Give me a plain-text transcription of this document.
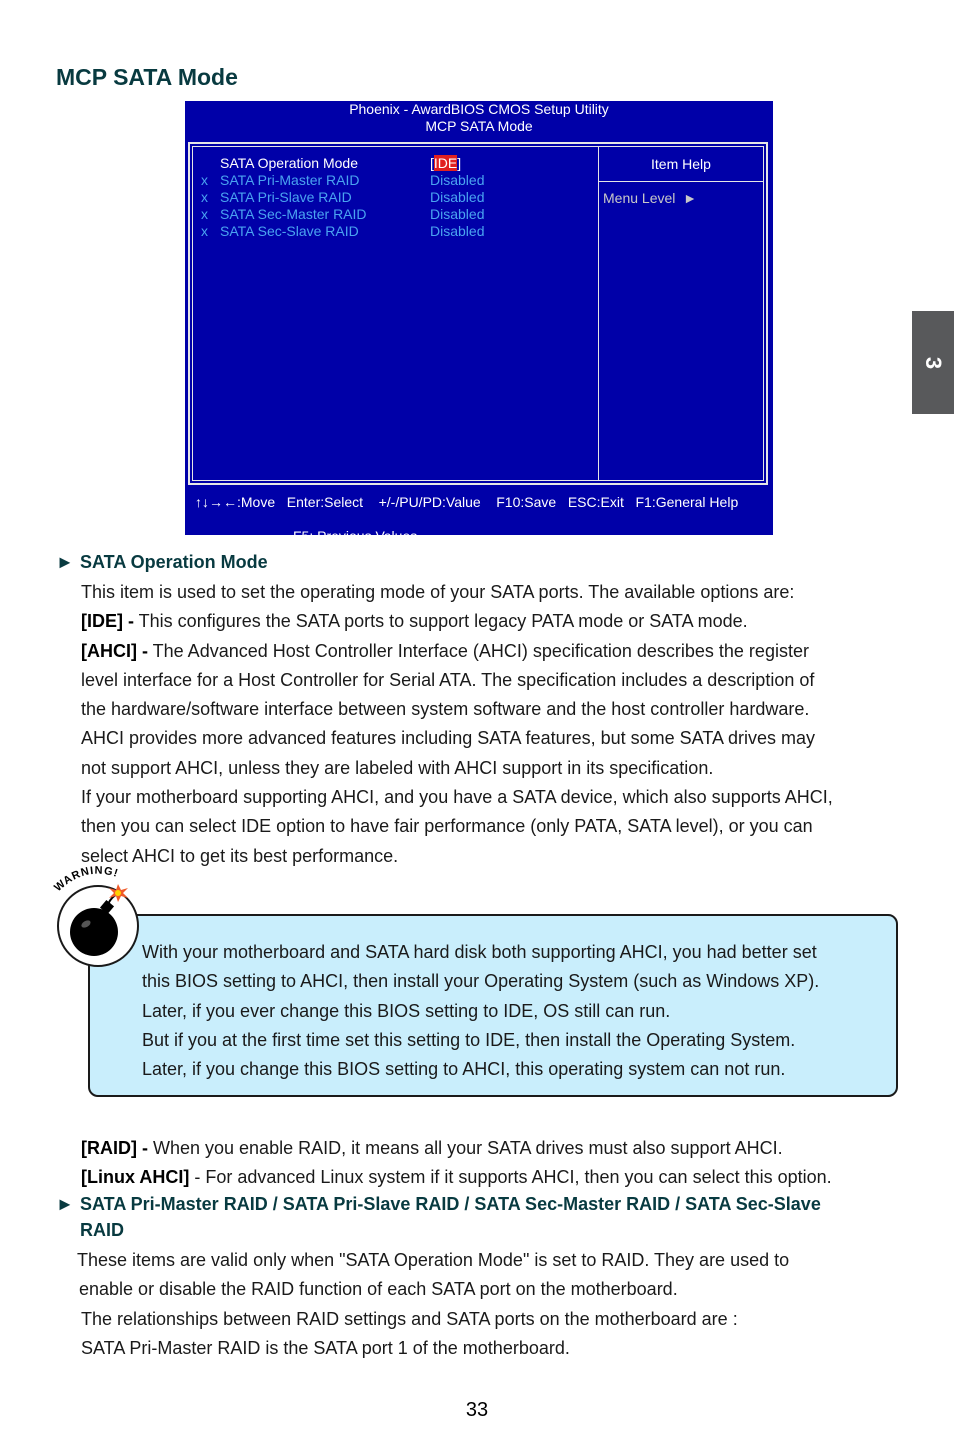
MCP SATA Mode
3
Phoenix - AwardBIOS CMOS Setup Utility
MCP SATA Mode
SATA Operation Mode	[IDE]
x SATA Pri-Master RAID	Disabled
x SATA Pri-Slave RAID	Disabled
x SATA Sec-Master RAID	Disabled
x SATA Sec-Slave RAID	Disabled
Item Help
Menu Level ►
↑↓→←:Move   Enter:Select    +/-/PU/PD:Value    F10:Save   ESC:Exit   F1:General Help

F5: Previous Values

F7: Optimized Defaults

► SATA Operation Mode
This item is used to set the operating mode of your SATA ports. The available options are:
[IDE] - This configures the SATA ports to support legacy PATA mode or SATA mode.
[AHCI] - The Advanced Host Controller Interface (AHCI) specification describes the register
level interface for a Host Controller for Serial ATA. The specification includes a description of
the hardware/software interface between system software and the host controller hardware.
AHCI provides more advanced features including SATA features, but some SATA drives may
not support AHCI, unless they are labeled with AHCI support in its specification.
If your motherboard supporting AHCI, and you have a SATA device, which also supports AHCI,
then you can select IDE option to have fair performance (only PATA, SATA level), or you can
select AHCI to get its best performance.
With your motherboard and SATA hard disk both supporting AHCI, you had better set
this BIOS setting to AHCI, then install your Operating System (such as Windows XP).
Later, if you ever change this BIOS setting to IDE, OS still can run.
But if you at the first time set this setting to IDE, then install the Operating System.
Later, if you change this BIOS setting to AHCI, this operating system can not run.
WARNING!
[RAID] - When you enable RAID, it means all your SATA drives must also support AHCI.
[Linux AHCI] - For advanced Linux system if it supports AHCI, then you can select this option.
► SATA Pri-Master RAID / SATA Pri-Slave RAID / SATA Sec-Master RAID / SATA Sec-Slave
RAID
These items are valid only when "SATA Operation Mode" is set to RAID. They are used to
enable or disable the RAID function of each SATA port on the motherboard.
The relationships between RAID settings and SATA ports on the motherboard are :
SATA Pri-Master RAID is the SATA port 1 of the motherboard.
33
